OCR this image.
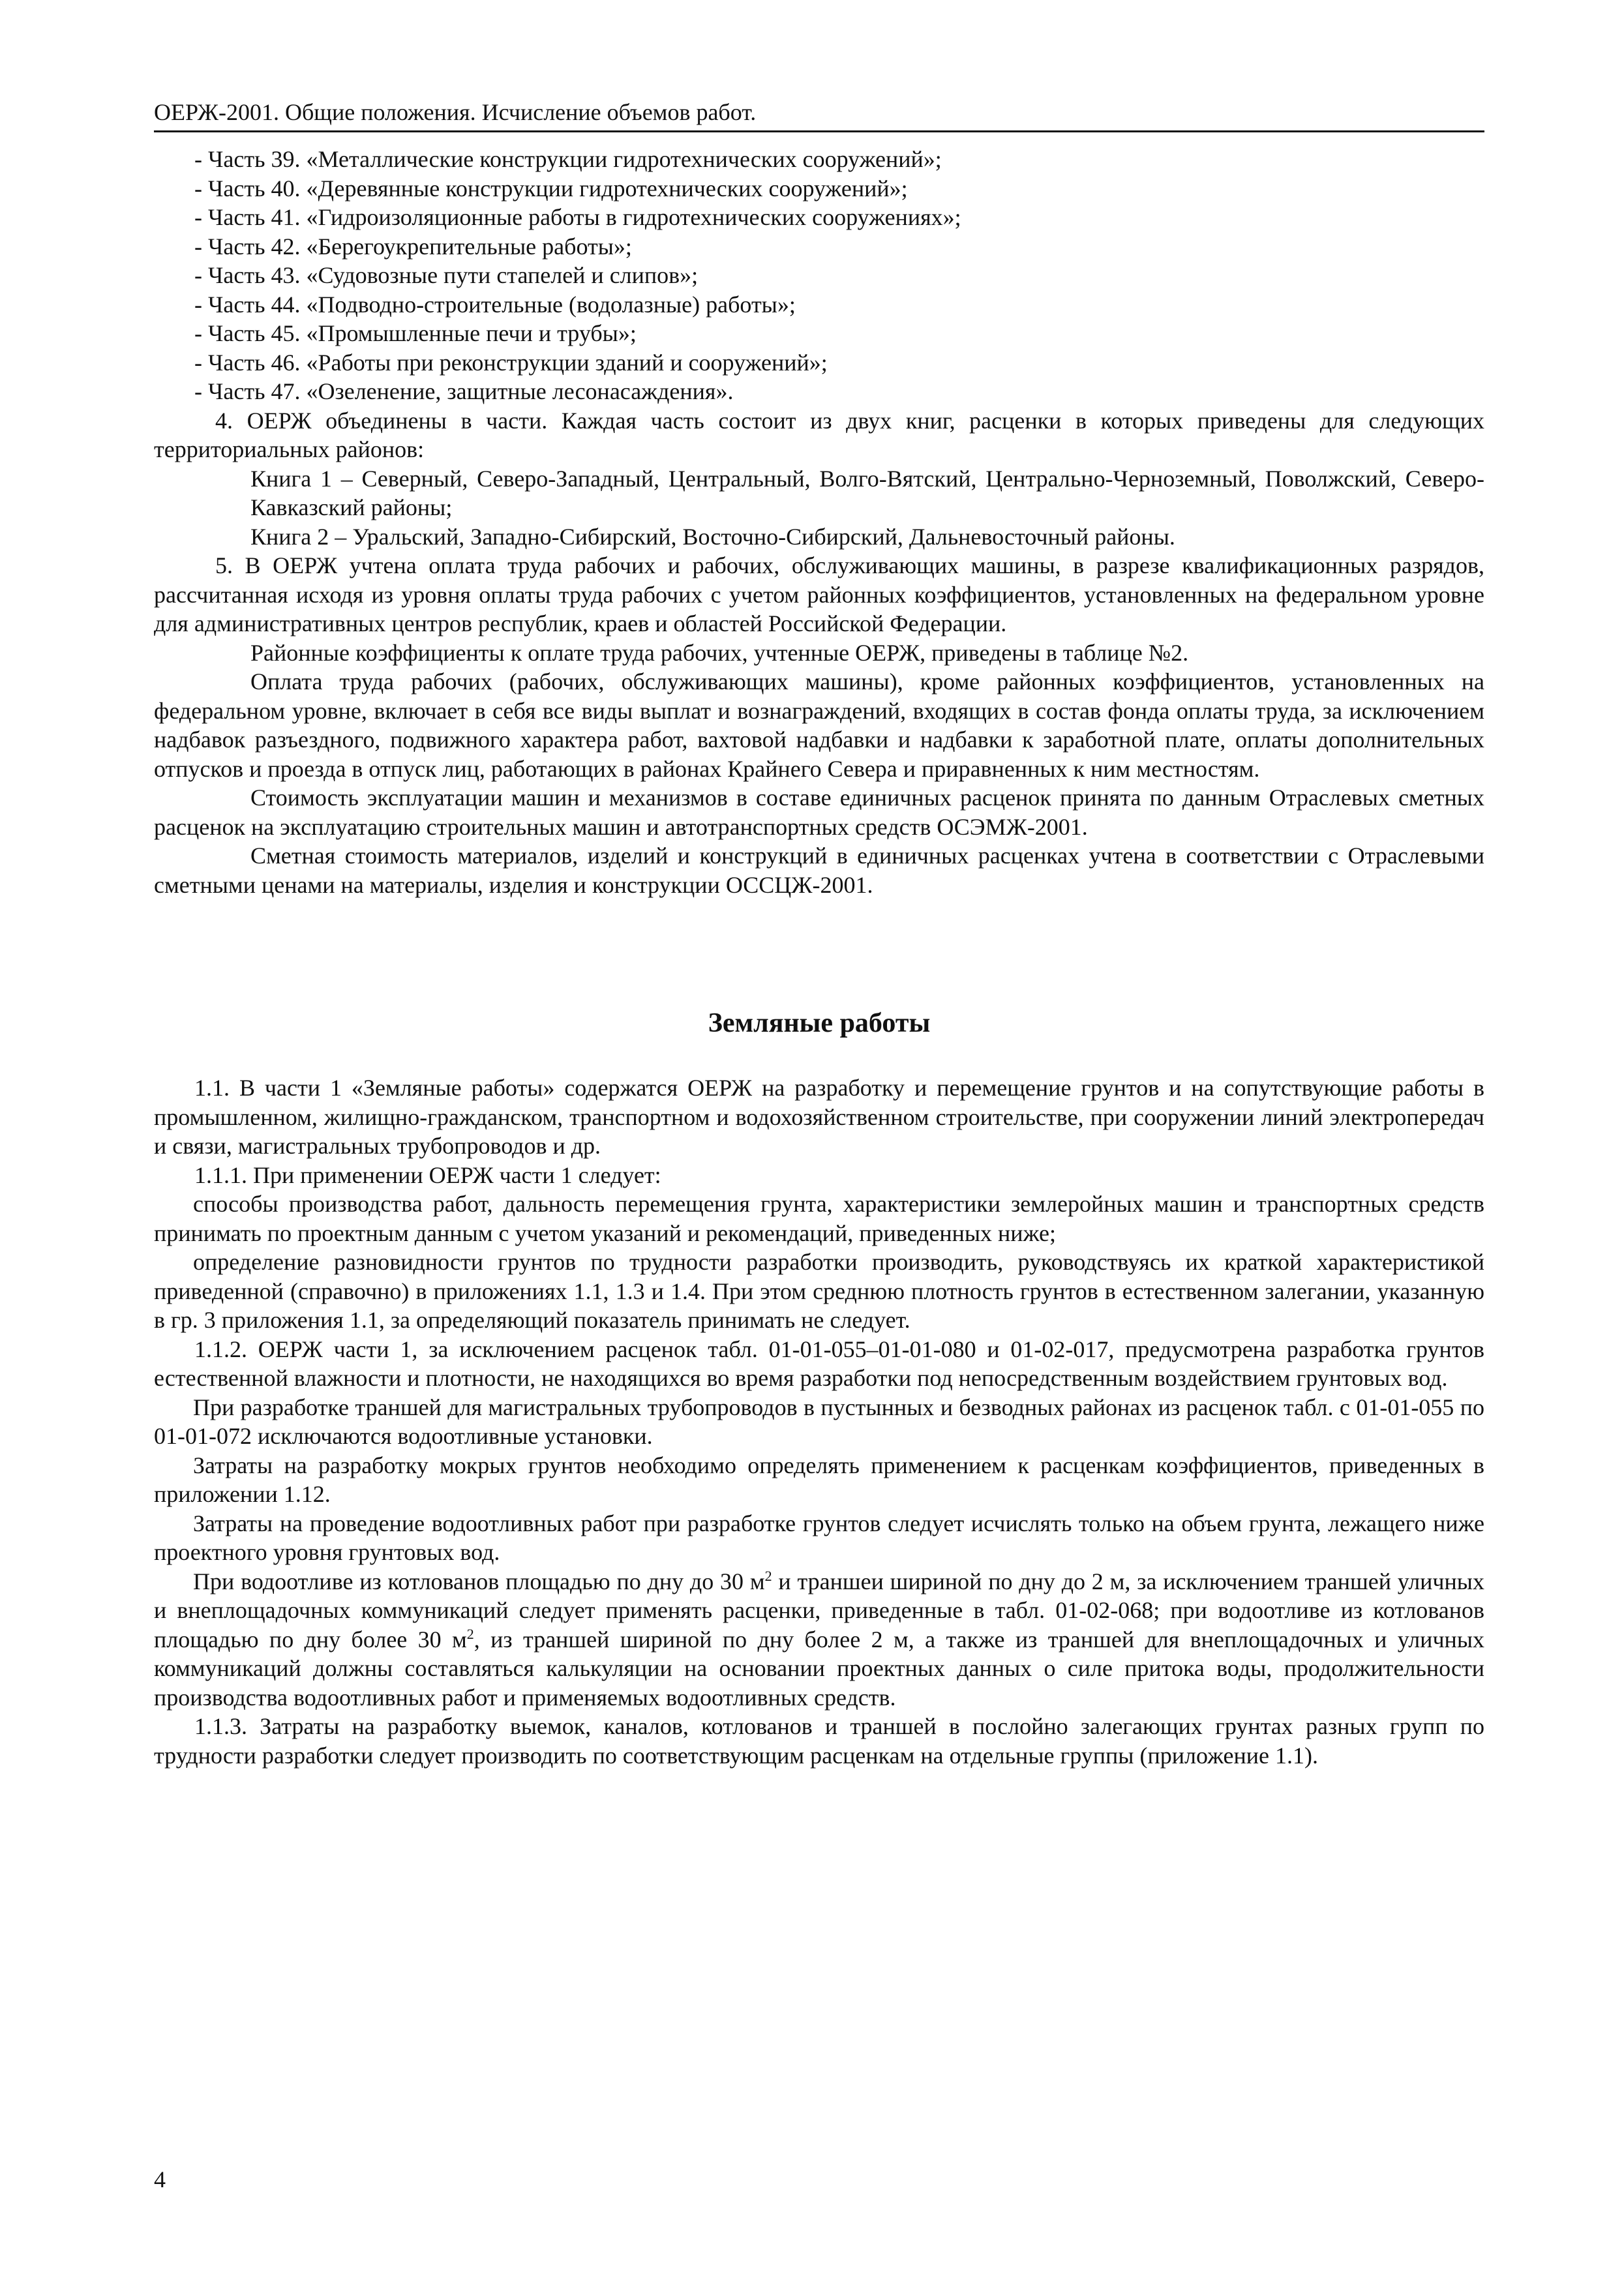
ОЕРЖ-2001. Общие положения. Исчисление объемов работ.

- Часть 39. «Металлические конструкции гидротехнических сооружений»;

- Часть 40. «Деревянные конструкции гидротехнических сооружений»;

- Часть 41. «Гидроизоляционные работы в гидротехнических сооружениях»;

- Часть 42. «Берегоукрепительные работы»;

- Часть 43. «Судовозные пути стапелей и слипов»;

- Часть 44. «Подводно-строительные (водолазные) работы»;

- Часть 45. «Промышленные печи и трубы»;

- Часть 46. «Работы при реконструкции зданий и сооружений»;

- Часть 47. «Озеленение, защитные лесонасаждения».

4. ОЕРЖ объединены в части. Каждая часть состоит из двух книг, расценки в которых приведены для следующих территориальных районов:

Книга 1 – Северный, Северо-Западный, Центральный, Волго-Вятский, Центрально-Черноземный, Поволжский, Северо-Кавказский районы;

Книга 2 – Уральский, Западно-Сибирский, Восточно-Сибирский, Дальневосточный районы.

5. В ОЕРЖ учтена оплата труда рабочих и рабочих, обслуживающих машины, в разрезе квалификационных разрядов, рассчитанная исходя из уровня оплаты труда рабочих с учетом районных коэффициентов, установленных на федеральном уровне для административных центров республик, краев и областей Российской Федерации.

Районные коэффициенты к оплате труда рабочих, учтенные ОЕРЖ, приведены в таблице №2.

Оплата труда рабочих (рабочих, обслуживающих машины), кроме районных коэффициентов, установленных на федеральном уровне, включает в себя все виды выплат и вознаграждений, входящих в состав фонда оплаты труда, за исключением надбавок разъездного, подвижного характера работ, вахтовой надбавки и надбавки к заработной плате, оплаты дополнительных отпусков и проезда в отпуск лиц, работающих в районах Крайнего Севера и приравненных к ним местностям.

Стоимость эксплуатации машин и механизмов в составе единичных расценок принята по данным Отраслевых сметных расценок на эксплуатацию строительных машин и автотранспортных средств ОСЭМЖ-2001.

Сметная стоимость материалов, изделий и конструкций в единичных расценках учтена в соответствии с Отраслевыми сметными ценами на материалы, изделия и конструкции ОССЦЖ-2001.

Земляные работы

1.1. В части 1 «Земляные работы» содержатся ОЕРЖ на разработку и перемещение грунтов и на сопутствующие работы в промышленном, жилищно-гражданском, транспортном и водохозяйственном строительстве, при сооружении линий электропередач и связи, магистральных трубопроводов и др.

1.1.1. При применении ОЕРЖ части 1 следует:

способы производства работ, дальность перемещения грунта, характеристики землеройных машин и транспортных средств принимать по проектным данным с учетом указаний и рекомендаций, приведенных ниже;

определение разновидности грунтов по трудности разработки производить, руководствуясь их краткой характеристикой приведенной (справочно) в приложениях 1.1, 1.3 и 1.4. При этом среднюю плотность грунтов в естественном залегании, указанную в гр. 3 приложения 1.1, за определяющий показатель принимать не следует.

1.1.2. ОЕРЖ части 1, за исключением расценок табл. 01-01-055–01-01-080 и 01-02-017, предусмотрена разработка грунтов естественной влажности и плотности, не находящихся во время разработки под непосредственным воздействием грунтовых вод.

При разработке траншей для магистральных трубопроводов в пустынных и безводных районах из расценок табл. с 01-01-055 по 01-01-072 исключаются водоотливные установки.

Затраты на разработку мокрых грунтов необходимо определять применением к расценкам коэффициентов, приведенных в приложении 1.12.

Затраты на проведение водоотливных работ при разработке грунтов следует исчислять только на объем грунта, лежащего ниже проектного уровня грунтовых вод.

При водоотливе из котлованов площадью по дну до 30 $м^2$ и траншеи шириной по дну до 2 м, за исключением траншей уличных и внеплощадочных коммуникаций следует применять расценки, приведенные в табл. 01-02-068; при водоотливе из котлованов площадью по дну более 30 $м^2$, из траншей шириной по дну более 2 м, а также из траншей для внеплощадочных и уличных коммуникаций должны составляться калькуляции на основании проектных данных о силе притока воды, продолжительности производства водоотливных работ и применяемых водоотливных средств.

1.1.3. Затраты на разработку выемок, каналов, котлованов и траншей в послойно залегающих грунтах разных групп по трудности разработки следует производить по соответствующим расценкам на отдельные группы (приложение 1.1).

4
